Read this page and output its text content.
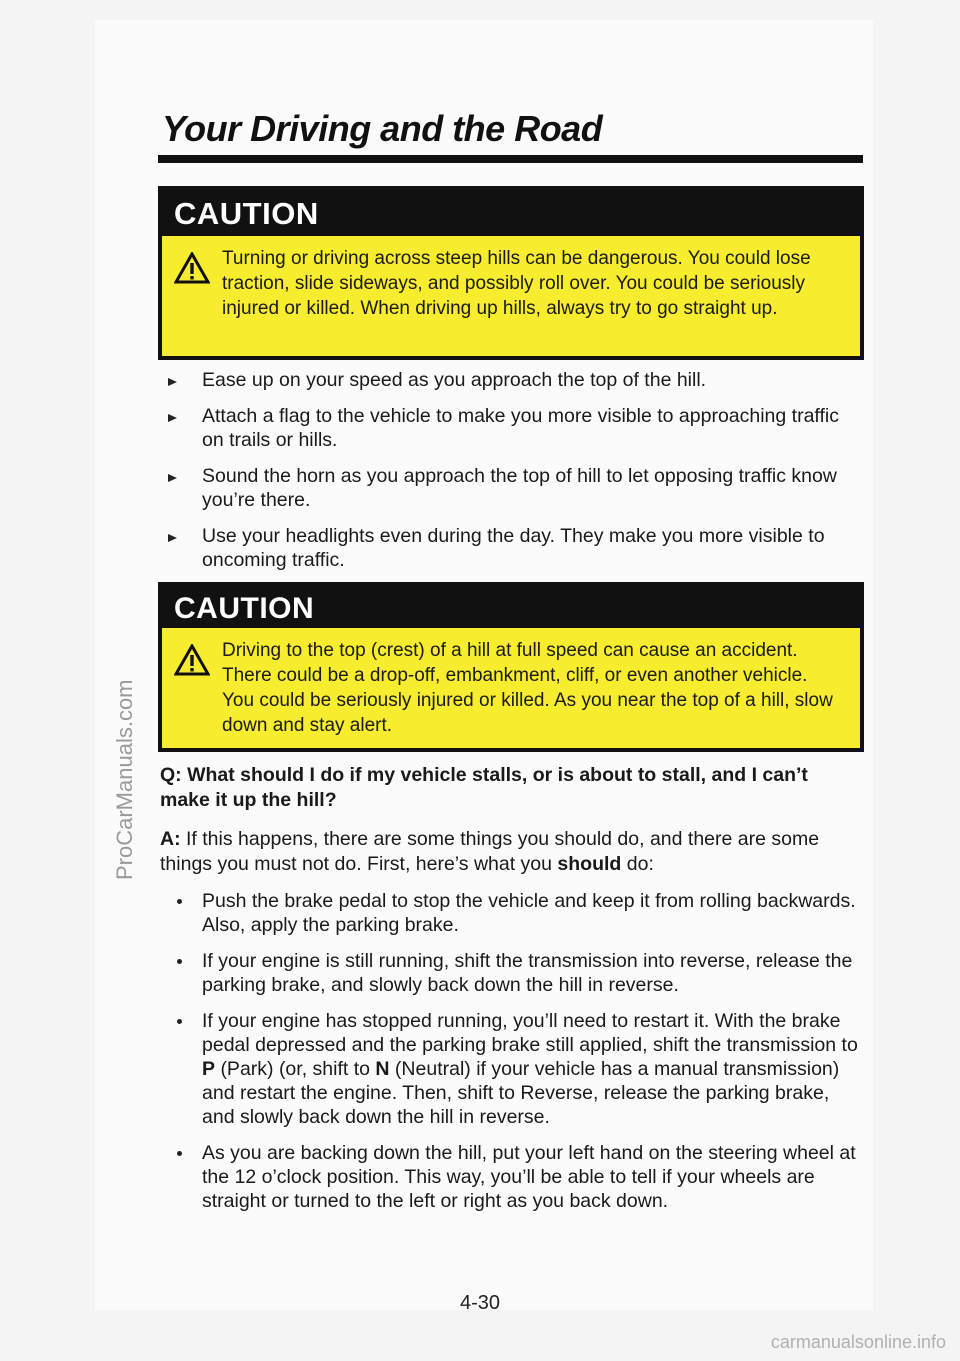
ProCarManuals.com
Your Driving and the Road
CAUTION
Turning or driving across steep hills can be dangerous. You could lose traction, slide sideways, and possibly roll over. You could be seriously injured or killed. When driving up hills, always try to go straight up.
Ease up on your speed as you approach the top of the hill.
Attach a flag to the vehicle to make you more visible to approaching traffic on trails or hills.
Sound the horn as you approach the top of hill to let opposing traffic know you’re there.
Use your headlights even during the day. They make you more visible to oncoming traffic.
CAUTION
Driving to the top (crest) of a hill at full speed can cause an accident. There could be a drop-off, embankment, cliff, or even another vehicle. You could be seriously injured or killed. As you near the top of a hill, slow down and stay alert.
Q: What should I do if my vehicle stalls, or is about to stall, and I can’t make it up the hill?
A: If this happens, there are some things you should do, and there are some things you must not do. First, here’s what you should do:
Push the brake pedal to stop the vehicle and keep it from rolling backwards. Also, apply the parking brake.
If your engine is still running, shift the transmission into reverse, release the parking brake, and slowly back down the hill in reverse.
If your engine has stopped running, you’ll need to restart it. With the brake pedal depressed and the parking brake still applied, shift the transmission to P (Park) (or, shift to N (Neutral) if your vehicle has a manual transmission) and restart the engine. Then, shift to Reverse, release the parking brake, and slowly back down the hill in reverse.
As you are backing down the hill, put your left hand on the steering wheel at the 12 o’clock position. This way, you’ll be able to tell if your wheels are straight or turned to the left or right as you back down.
4-30
carmanualsonline.info
